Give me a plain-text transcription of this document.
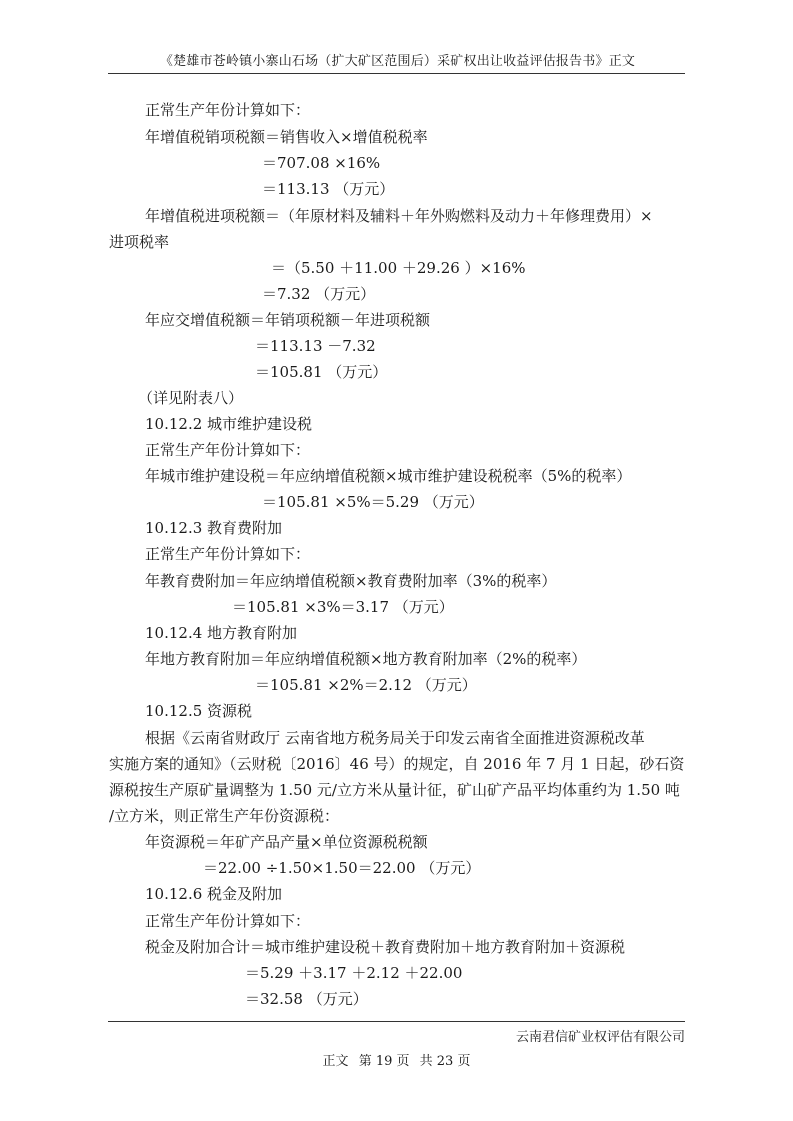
《楚雄市苍岭镇小寨山石场（扩大矿区范围后）采矿权出让收益评估报告书》正文
正常生产年份计算如下：
年增值税销项税额＝销售收入×增值税税率
＝707.08 ×16%
＝113.13 （万元）
年增值税进项税额＝（年原材料及辅料＋年外购燃料及动力＋年修理费用）×
进项税率
＝（5.50 ＋11.00 ＋29.26 ）×16%
＝7.32 （万元）
年应交增值税额＝年销项税额－年进项税额
＝113.13 －7.32
＝105.81 （万元）
（详见附表八）
10.12.2 城市维护建设税
正常生产年份计算如下：
年城市维护建设税＝年应纳增值税额×城市维护建设税税率（5%的税率）
＝105.81 ×5%＝5.29 （万元）
10.12.3 教育费附加
正常生产年份计算如下：
年教育费附加＝年应纳增值税额×教育费附加率（3%的税率）
＝105.81 ×3%＝3.17 （万元）
10.12.4 地方教育附加
年地方教育附加＝年应纳增值税额×地方教育附加率（2%的税率）
＝105.81 ×2%＝2.12 （万元）
10.12.5 资源税
根据《云南省财政厅 云南省地方税务局关于印发云南省全面推进资源税改革
实施方案的通知》（云财税〔2016〕46 号）的规定，自 2016 年 7 月 1 日起，砂石资
源税按生产原矿量调整为 1.50 元/立方米从量计征，矿山矿产品平均体重约为 1.50 吨
/立方米，则正常生产年份资源税：
年资源税＝年矿产品产量×单位资源税税额
＝22.00 ÷1.50×1.50＝22.00 （万元）
10.12.6 税金及附加
正常生产年份计算如下：
税金及附加合计＝城市维护建设税＋教育费附加＋地方教育附加＋资源税
＝5.29 ＋3.17 ＋2.12 ＋22.00
＝32.58 （万元）
云南君信矿业权评估有限公司
正文 第 19 页 共 23 页
